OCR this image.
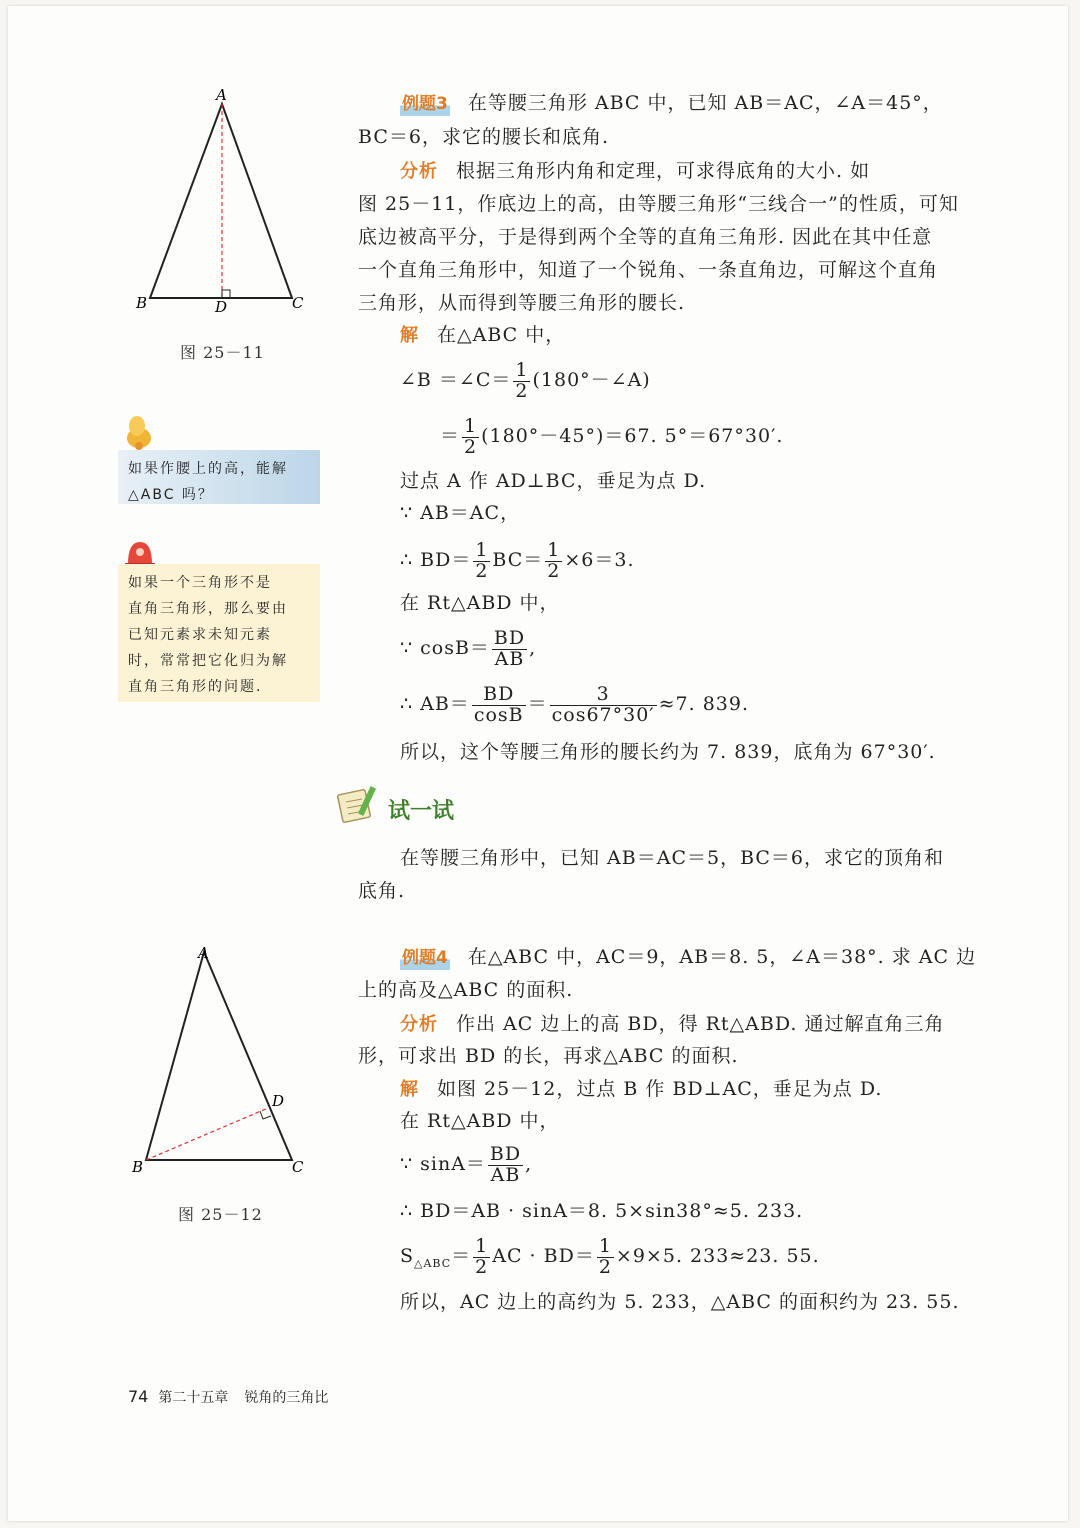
A
B	D	C
图 25－11
如果作腰上的高，能解
△ABC 吗？
如果一个三角形不是
直角三角形，那么要由
已知元素求未知元素
时，常常把它化归为解
直角三角形的问题.
例题3 在等腰三角形 ABC 中，已知 AB＝AC，∠A＝45°，
BC＝6，求它的腰长和底角.
分析 根据三角形内角和定理，可求得底角的大小. 如
图 25－11，作底边上的高，由等腰三角形“三线合一”的性质，可知
底边被高平分，于是得到两个全等的直角三角形. 因此在其中任意
一个直角三角形中，知道了一个锐角、一条直角边，可解这个直角
三角形，从而得到等腰三角形的腰长.
解 在△ABC 中，
∠B ＝∠C＝ $\frac{1}{2}$ (180°－∠A)
＝ $\frac{1}{2} (180^\circ-45^\circ)=67$. 5°＝67°30′.
过点 A 作 AD⊥BC，垂足为点 D.
∵ AB＝AC，
∴ $BD= \frac{1}{2} BC= \frac{1}{2} \times 6=3$.
在 Rt△ABD 中，
∵ $\cos B= \frac{BD}{AB}$ ,
∴ $AB= \frac{BD}{\cos B} = \frac{3}{\cos 67^\circ 30'} \approx 7$. 839.
所以，这个等腰三角形的腰长约为 7. 839，底角为 67°30′.
试一试
在等腰三角形中，已知 AB＝AC＝5，BC＝6，求它的顶角和
底角.
A
D
B	C
图 25－12
例题4 在△ABC 中，AC＝9，AB＝8. 5，∠A＝38°. 求 AC 边
上的高及△ABC 的面积.
分析 作出 AC 边上的高 BD，得 Rt△ABD. 通过解直角三角
形，可求出 BD 的长，再求△ABC 的面积.
解 如图 25－12，过点 B 作 BD⊥AC，垂足为点 D.
在 Rt△ABD 中，
∵ $\sin A= \frac{BD}{AB}$ ,
∴ BD＝AB · sinA＝8. 5×sin38°≈5. 233.
$S_{\triangle ABC}= \frac{1}{2}$ AC · $BD= \frac{1}{2} \times 9\times 5$. 233≈23. 55.
所以，AC 边上的高约为 5. 233，△ABC 的面积约为 23. 55.
74 第二十五章 锐角的三角比
